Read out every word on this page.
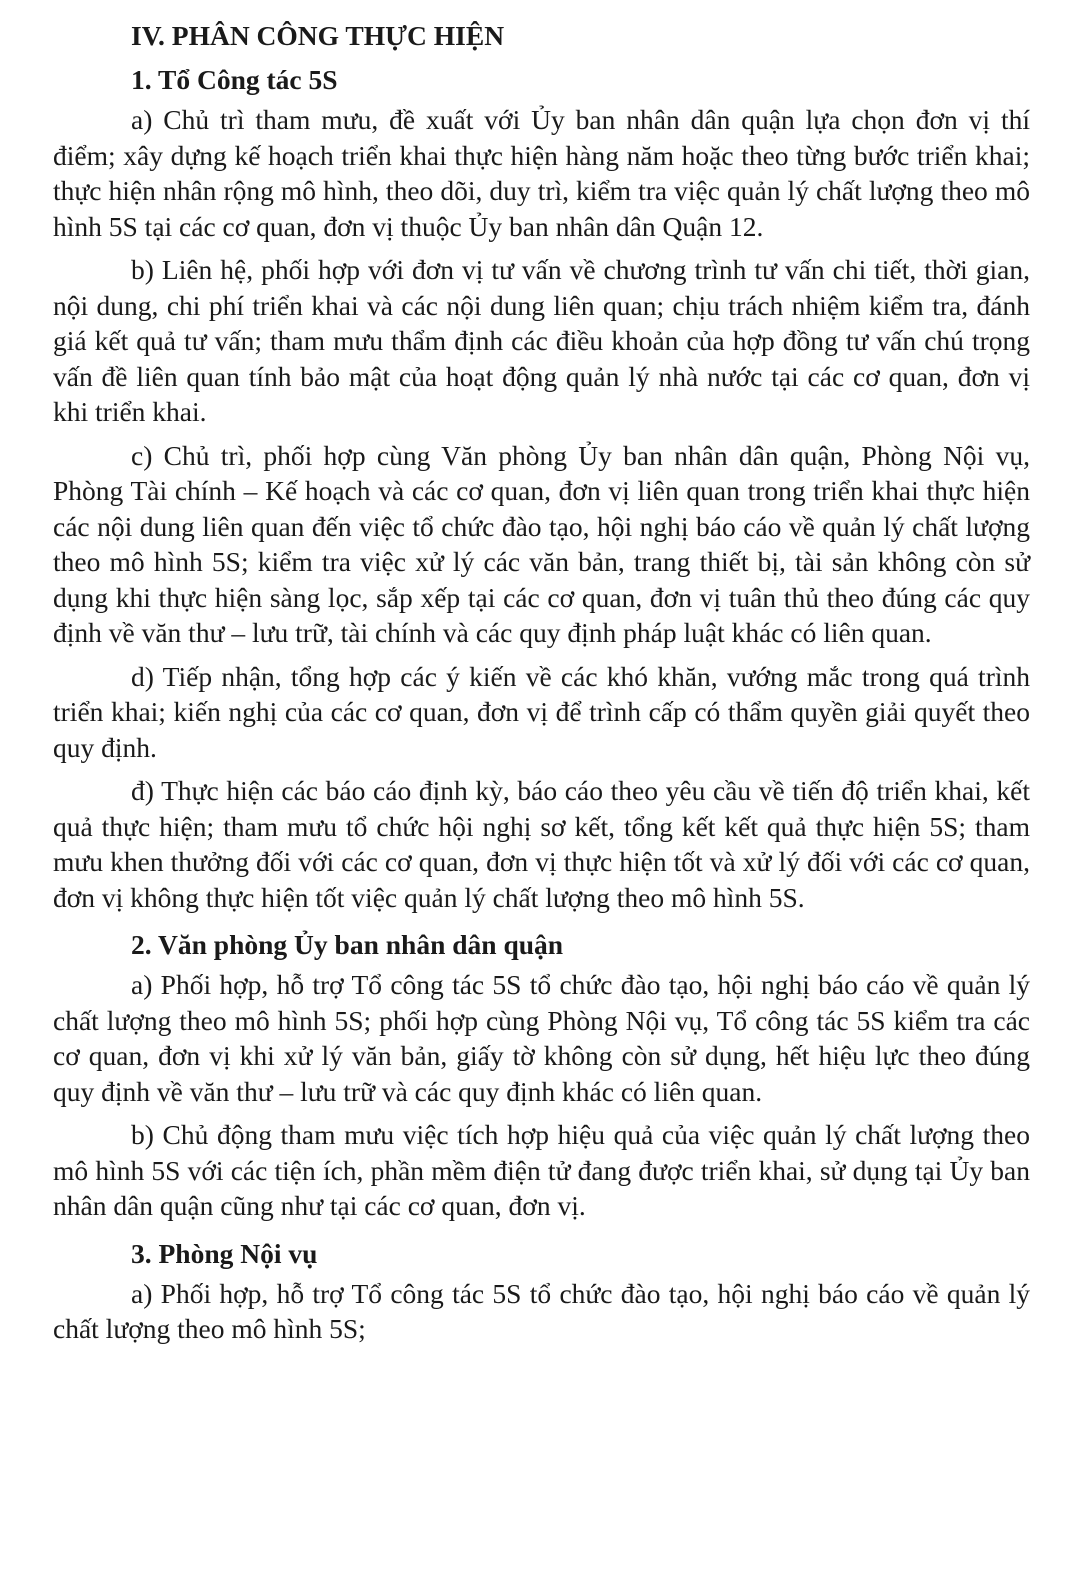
IV. PHÂN CÔNG THỰC HIỆN
1. Tổ Công tác 5S

a) Chủ trì tham mưu, đề xuất với Ủy ban nhân dân quận lựa chọn đơn vị thí điểm; xây dựng kế hoạch triển khai thực hiện hàng năm hoặc theo từng bước triển khai; thực hiện nhân rộng mô hình, theo dõi, duy trì, kiểm tra việc quản lý chất lượng theo mô hình 5S tại các cơ quan, đơn vị thuộc Ủy ban nhân dân Quận 12.

b) Liên hệ, phối hợp với đơn vị tư vấn về chương trình tư vấn chi tiết, thời gian, nội dung, chi phí triển khai và các nội dung liên quan; chịu trách nhiệm kiểm tra, đánh giá kết quả tư vấn; tham mưu thẩm định các điều khoản của hợp đồng tư vấn chú trọng vấn đề liên quan tính bảo mật của hoạt động quản lý nhà nước tại các cơ quan, đơn vị khi triển khai.

c) Chủ trì, phối hợp cùng Văn phòng Ủy ban nhân dân quận, Phòng Nội vụ, Phòng Tài chính – Kế hoạch và các cơ quan, đơn vị liên quan trong triển khai thực hiện các nội dung liên quan đến việc tổ chức đào tạo, hội nghị báo cáo về quản lý chất lượng theo mô hình 5S; kiểm tra việc xử lý các văn bản, trang thiết bị, tài sản không còn sử dụng khi thực hiện sàng lọc, sắp xếp tại các cơ quan, đơn vị tuân thủ theo đúng các quy định về văn thư – lưu trữ, tài chính và các quy định pháp luật khác có liên quan.

d) Tiếp nhận, tổng hợp các ý kiến về các khó khăn, vướng mắc trong quá trình triển khai; kiến nghị của các cơ quan, đơn vị để trình cấp có thẩm quyền giải quyết theo quy định.

đ) Thực hiện các báo cáo định kỳ, báo cáo theo yêu cầu về tiến độ triển khai, kết quả thực hiện; tham mưu tổ chức hội nghị sơ kết, tổng kết kết quả thực hiện 5S; tham mưu khen thưởng đối với các cơ quan, đơn vị thực hiện tốt và xử lý đối với các cơ quan, đơn vị không thực hiện tốt việc quản lý chất lượng theo mô hình 5S.

2. Văn phòng Ủy ban nhân dân quận

a) Phối hợp, hỗ trợ Tổ công tác 5S tổ chức đào tạo, hội nghị báo cáo về quản lý chất lượng theo mô hình 5S; phối hợp cùng Phòng Nội vụ, Tổ công tác 5S kiểm tra các cơ quan, đơn vị khi xử lý văn bản, giấy tờ không còn sử dụng, hết hiệu lực theo đúng quy định về văn thư – lưu trữ và các quy định khác có liên quan.

b) Chủ động tham mưu việc tích hợp hiệu quả của việc quản lý chất lượng theo mô hình 5S với các tiện ích, phần mềm điện tử đang được triển khai, sử dụng tại Ủy ban nhân dân quận cũng như tại các cơ quan, đơn vị.

3. Phòng Nội vụ

a) Phối hợp, hỗ trợ Tổ công tác 5S tổ chức đào tạo, hội nghị báo cáo về quản lý chất lượng theo mô hình 5S;
